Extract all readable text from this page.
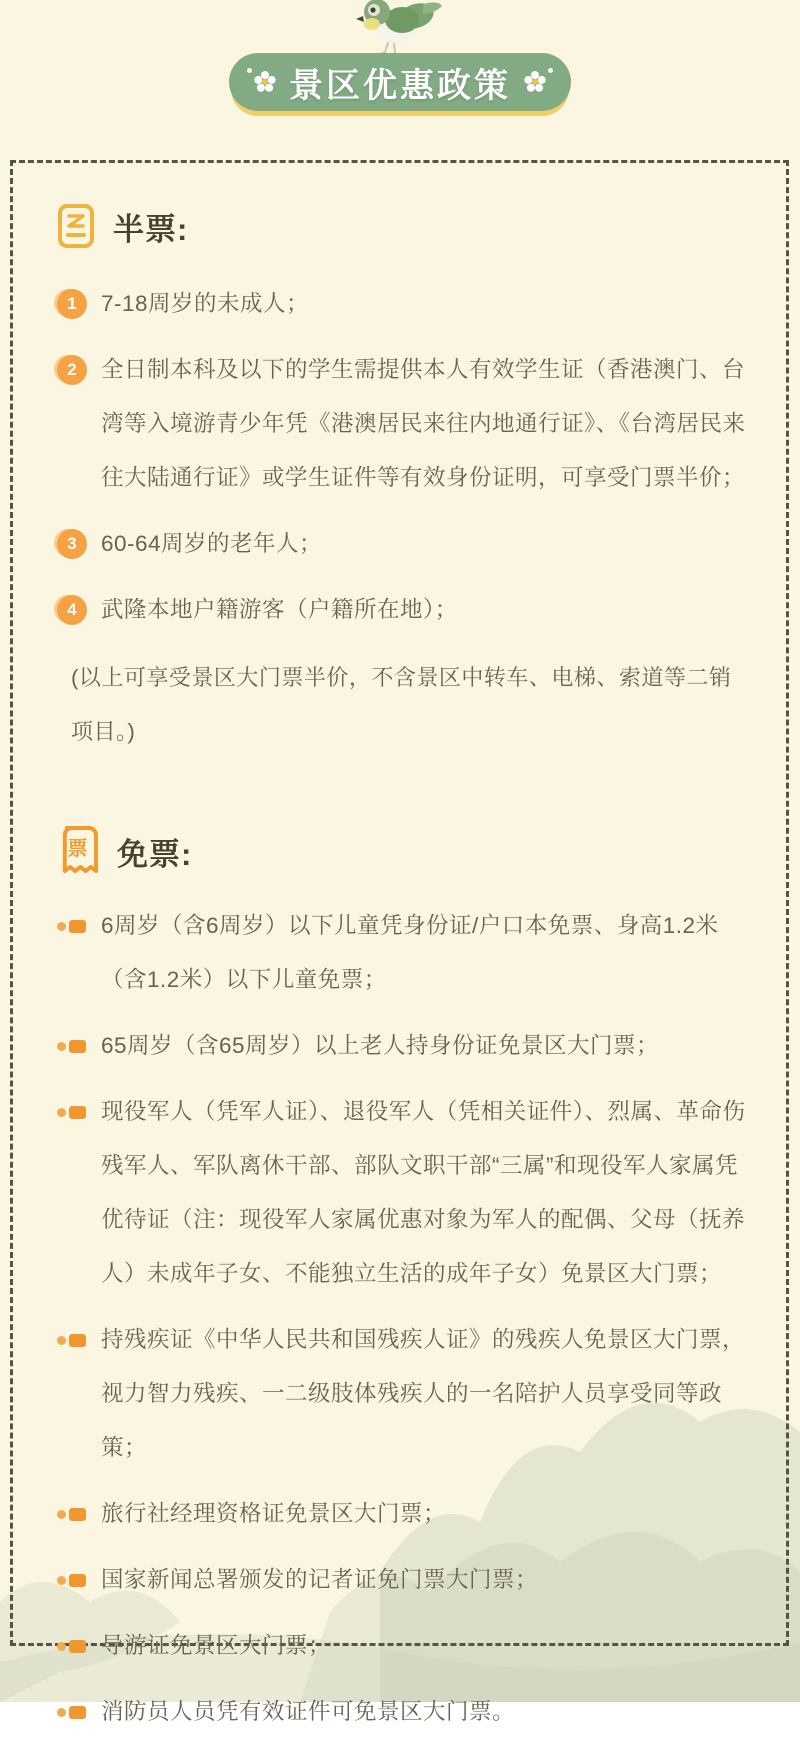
景区优惠政策
半票:
1	7-18周岁的未成人；
2	全日制本科及以下的学生需提供本人有效学生证（香港澳门、台湾等入境游青少年凭《港澳居民来往内地通行证》、《台湾居民来往大陆通行证》或学生证件等有效身份证明，可享受门票半价；
3	60-64周岁的老年人；
4	武隆本地户籍游客（户籍所在地）；
(以上可享受景区大门票半价，不含景区中转车、电梯、索道等二销项目。)
票 免票:
6周岁（含6周岁）以下儿童凭身份证/户口本免票、身高1.2米（含1.2米）以下儿童免票；
65周岁（含65周岁）以上老人持身份证免景区大门票；
现役军人（凭军人证）、退役军人（凭相关证件）、烈属、革命伤残军人、军队离休干部、部队文职干部“三属”和现役军人家属凭优待证（注：现役军人家属优惠对象为军人的配偶、父母（抚养人）未成年子女、不能独立生活的成年子女）免景区大门票；
持残疾证《中华人民共和国残疾人证》的残疾人免景区大门票，视力智力残疾、一二级肢体残疾人的一名陪护人员享受同等政策；
旅行社经理资格证免景区大门票；
国家新闻总署颁发的记者证免门票大门票；
导游证免景区大门票；
消防员人员凭有效证件可免景区大门票。
